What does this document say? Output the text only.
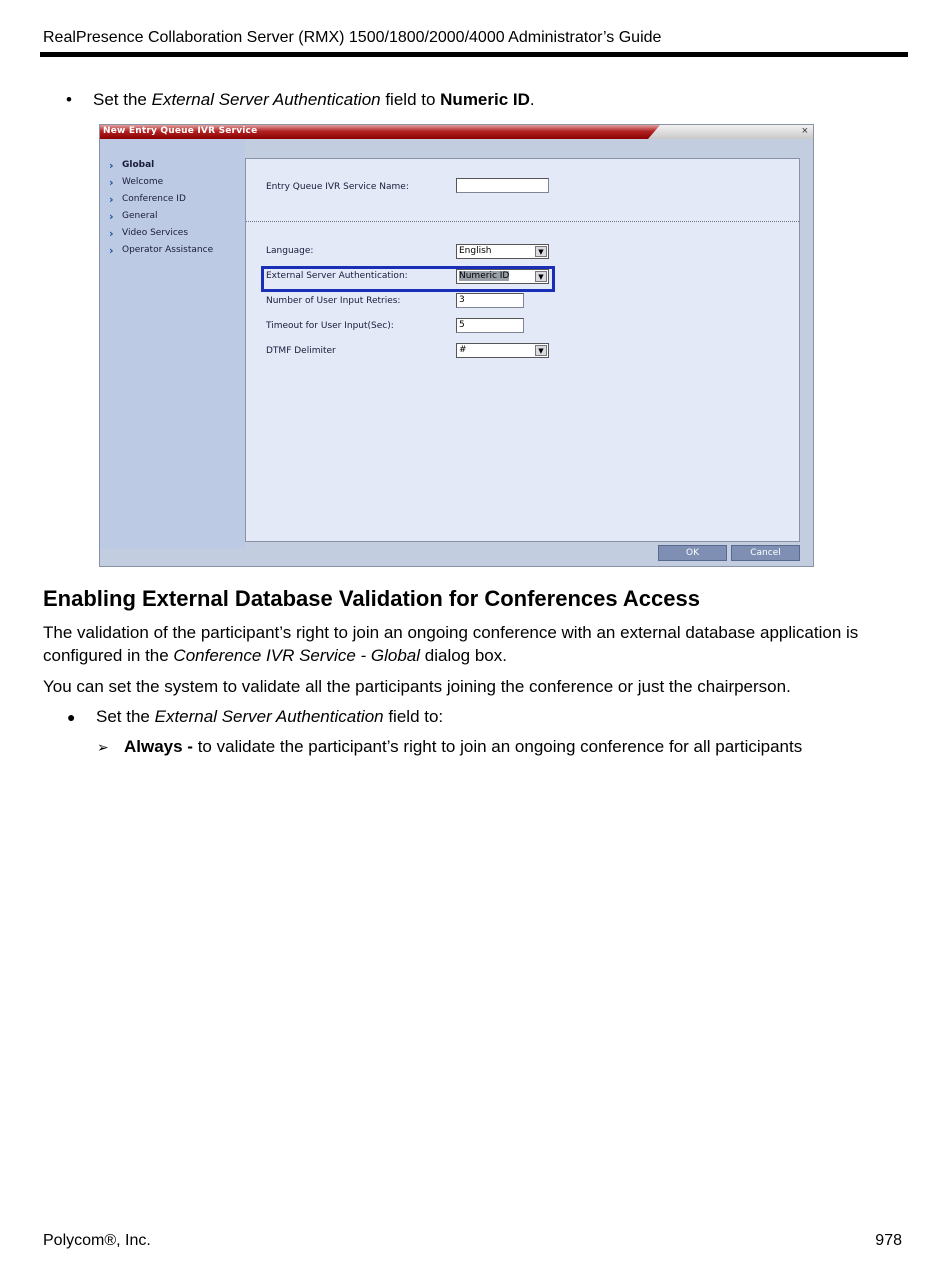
RealPresence Collaboration Server (RMX) 1500/1800/2000/4000 Administrator’s Guide
•	Set the External Server Authentication field to Numeric ID .
New Entry Queue IVR Service	×
› Global
› Welcome
› Conference ID
› General
› Video Services
› Operator Assistance
Entry Queue IVR Service Name:
Language:	English	▼
External Server Authentication:	Numeric ID	▼
Number of User Input Retries:	3
Timeout for User Input(Sec):	5
DTMF Delimiter	#	▼
OK	Cancel
Enabling External Database Validation for Conferences Access
The validation of the participant’s right to join an ongoing conference with an external database application is configured in the Conference IVR Service - Global dialog box.
You can set the system to validate all the participants joining the conference or just the chairperson.
●	Set the External Server Authentication field to:
➢ Always - to validate the participant’s right to join an ongoing conference for all participants
Polycom®, Inc.	978
